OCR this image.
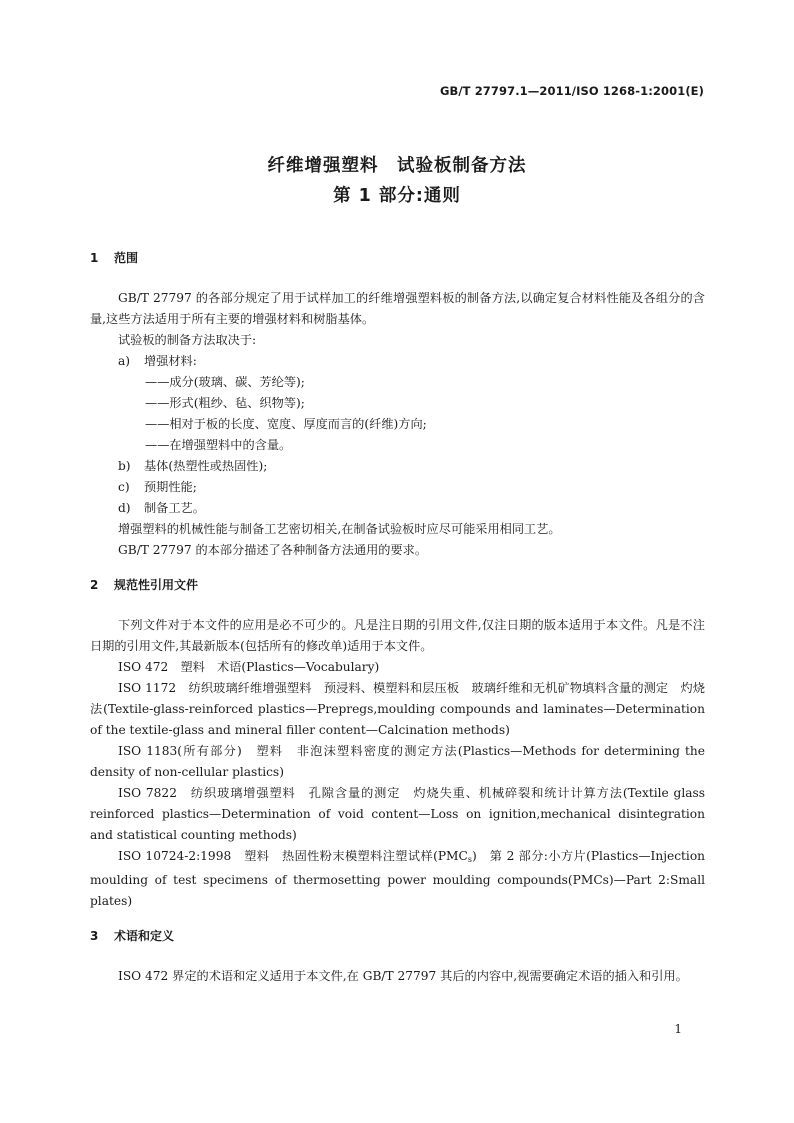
GB/T 27797.1—2011/ISO 1268-1:2001(E)
纤维增强塑料　试验板制备方法
第 1 部分:通则
1 范围

GB/T 27797 的各部分规定了用于试样加工的纤维增强塑料板的制备方法,以确定复合材料性能及各组分的含量,这些方法适用于所有主要的增强材料和树脂基体。

试验板的制备方法取决于:

a) 增强材料:
——成分(玻璃、碳、芳纶等);
——形式(粗纱、毡、织物等);
——相对于板的长度、宽度、厚度而言的(纤维)方向;
——在增强塑料中的含量。
b) 基体(热塑性或热固性);
c) 预期性能;
d) 制备工艺。

增强塑料的机械性能与制备工艺密切相关,在制备试验板时应尽可能采用相同工艺。

GB/T 27797 的本部分描述了各种制备方法通用的要求。

2 规范性引用文件

下列文件对于本文件的应用是必不可少的。凡是注日期的引用文件,仅注日期的版本适用于本文件。凡是不注日期的引用文件,其最新版本(包括所有的修改单)适用于本文件。

ISO 472　塑料　术语(Plastics—Vocabulary)

ISO 1172　纺织玻璃纤维增强塑料　预浸料、模塑料和层压板　玻璃纤维和无机矿物填料含量的测定　灼烧法(Textile-glass-reinforced plastics—Prepregs,moulding compounds and laminates—Determination of the textile-glass and mineral filler content—Calcination methods)

ISO 1183(所有部分)　塑料　非泡沫塑料密度的测定方法(Plastics—Methods for determining the density of non-cellular plastics)

ISO 7822　纺织玻璃增强塑料　孔隙含量的测定　灼烧失重、机械碎裂和统计计算方法(Textile glass reinforced plastics—Determination of void content—Loss on ignition,mechanical disintegration and statistical counting methods)

ISO 10724-2:1998　塑料　热固性粉末模塑料注塑试样$(PMC_s)$　第 2 部分:小方片(Plastics—Injection moulding of test specimens of thermosetting power moulding compounds(PMCs)—Part 2:Small plates)

3 术语和定义

ISO 472 界定的术语和定义适用于本文件,在 GB/T 27797 其后的内容中,视需要确定术语的插入和引用。

1
